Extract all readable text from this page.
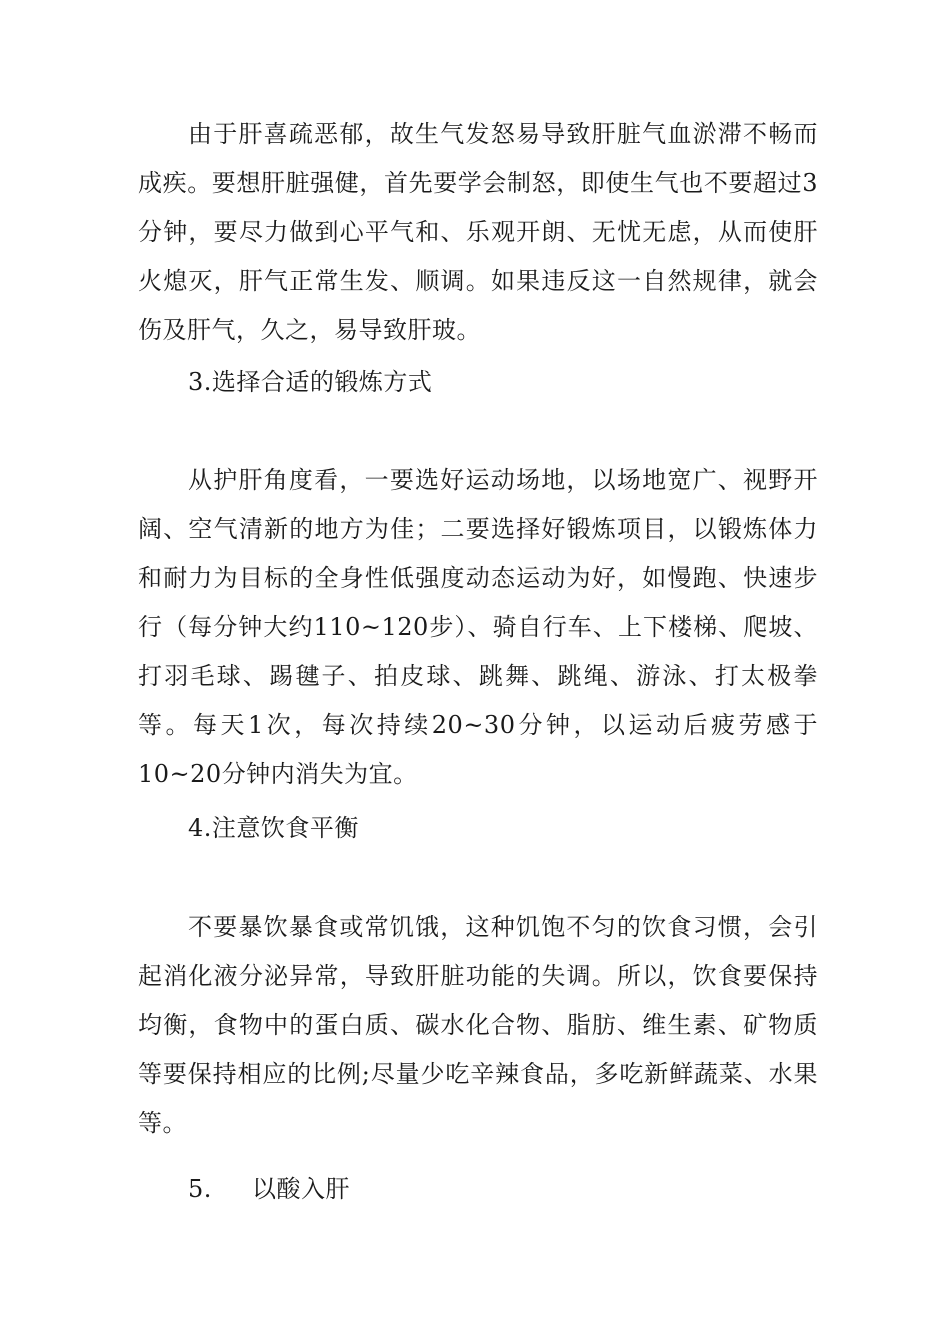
由于肝喜疏恶郁，故生气发怒易导致肝脏气血淤滞不畅而成疾。要想肝脏强健，首先要学会制怒，即使生气也不要超过3分钟，要尽力做到心平气和、乐观开朗、无忧无虑，从而使肝火熄灭，肝气正常生发、顺调。如果违反这一自然规律，就会伤及肝气，久之，易导致肝玻。

3.选择合适的锻炼方式

从护肝角度看，一要选好运动场地，以场地宽广、视野开阔、空气清新的地方为佳；二要选择好锻炼项目，以锻炼体力和耐力为目标的全身性低强度动态运动为好，如慢跑、快速步行（每分钟大约110~120步）、骑自行车、上下楼梯、爬坡、打羽毛球、踢毽子、拍皮球、跳舞、跳绳、游泳、打太极拳等。每天1次，每次持续20~30分钟，以运动后疲劳感于10~20分钟内消失为宜。

4.注意饮食平衡

不要暴饮暴食或常饥饿，这种饥饱不匀的饮食习惯，会引起消化液分泌异常，导致肝脏功能的失调。所以，饮食要保持均衡，食物中的蛋白质、碳水化合物、脂肪、维生素、矿物质等要保持相应的比例;尽量少吃辛辣食品，多吃新鲜蔬菜、水果等。

5. 以酸入肝
